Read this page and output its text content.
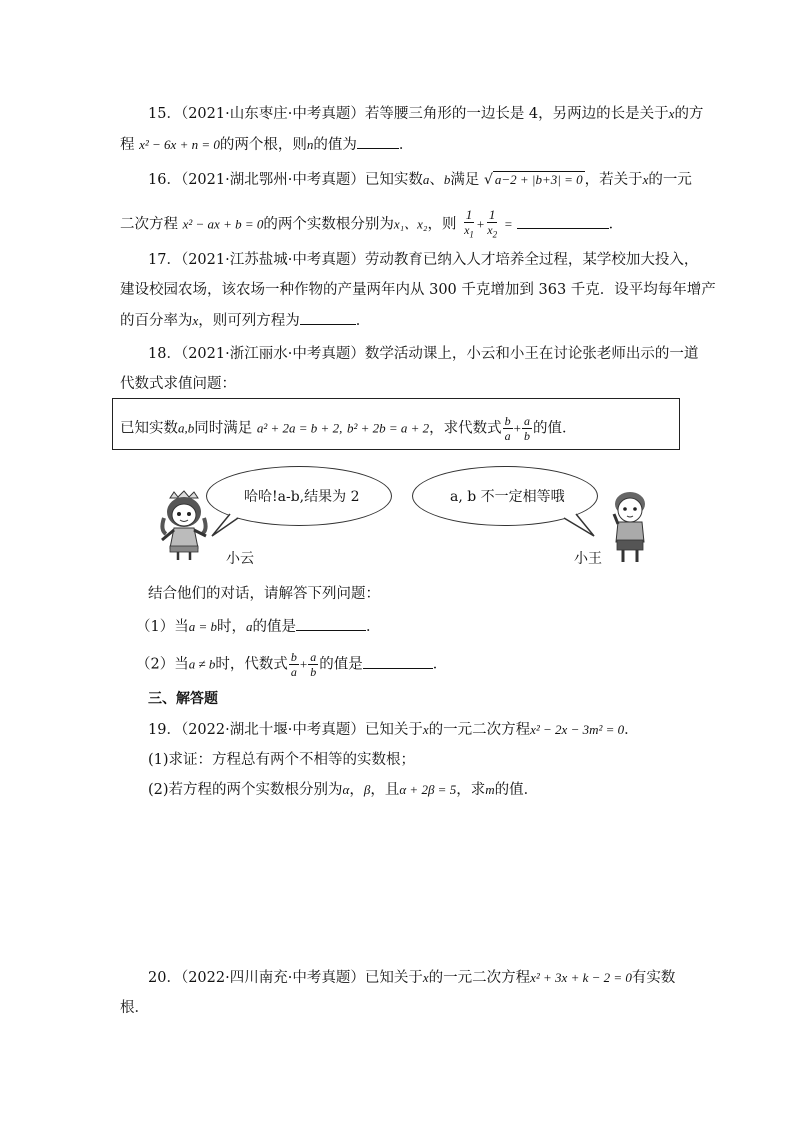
15．（2021·山东枣庄·中考真题）若等腰三角形的一边长是 4，另两边的长是关于x的方
程 x² − 6x + n = 0的两个根，则n的值为	．
16．（2021·湖北鄂州·中考真题）已知实数a、b满足 √ a−2 + |b+3| = 0 ，若关于x的一元
二次方程 x² − ax + b = 0的两个实数根分别为x₁、x₂，则 $\frac{1}{x_1} + \frac{1}{x_2}$ =	．
17．（2021·江苏盐城·中考真题）劳动教育已纳入人才培养全过程，某学校加大投入，
建设校园农场，该农场一种作物的产量两年内从 300 千克增加到 363 千克．设平均每年增产
的百分率为x，则可列方程为	．
18．（2021·浙江丽水·中考真题）数学活动课上，小云和小王在讨论张老师出示的一道
代数式求值问题：
已知实数a,b同时满足 a² + 2a = b + 2, b² + 2b = a + 2，求代数式 $\frac{b}{a} + \frac{a}{b}$ 的值．
哈哈!a-b,结果为 2	a, b 不一定相等哦
小云	小王
结合他们的对话，请解答下列问题：
（1）当a = b时，a的值是	．
（2）当a ≠ b时，代数式 $\frac{b}{a} + \frac{a}{b}$ 的值是	．
三、解答题
19．（2022·湖北十堰·中考真题）已知关于x的一元二次方程x² − 2x − 3m² = 0．
(1)求证：方程总有两个不相等的实数根；
(2)若方程的两个实数根分别为α，β，且α + 2β = 5，求m的值．
20．（2022·四川南充·中考真题）已知关于x的一元二次方程x² + 3x + k − 2 = 0有实数
根．
